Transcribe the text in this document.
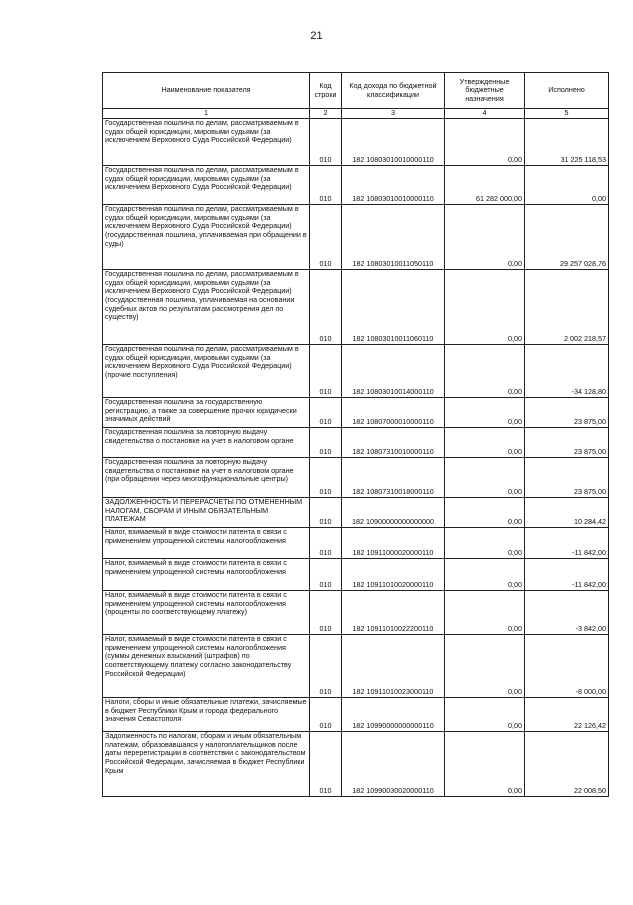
21
Наименование показателя	Код строки	Код дохода по бюджетной классификации	Утвержденные бюджетные назначения	Исполнено
1	2	3	4	5
Государственная пошлина по делам, рассматриваемым в судах общей юрисдикции, мировыми судьями (за исключением Верховного Суда Российской Федерации)	010	182 10803010010000110	0,00	31 225 118,53
Государственная пошлина по делам, рассматриваемым в судах общей юрисдикции, мировыми судьями (за исключением Верховного Суда Российской Федерации)	010	182 10803010010000110	61 282 000,00	0,00
Государственная пошлина по делам, рассматриваемым в судах общей юрисдикции, мировыми судьями (за исключением Верховного Суда Российской Федерации) (государственная пошлина, уплачиваемая при обращении в суды)	010	182 10803010011050110	0,00	29 257 028,76
Государственная пошлина по делам, рассматриваемым в судах общей юрисдикции, мировыми судьями (за исключением Верховного Суда Российской Федерации) (государственная пошлина, уплачиваемая на основании судебных актов по результатам рассмотрения дел по существу)	010	182 10803010011060110	0,00	2 002 218,57
Государственная пошлина по делам, рассматриваемым в судах общей юрисдикции, мировыми судьями (за исключением Верховного Суда Российской Федерации) (прочие поступления)	010	182 10803010014000110	0,00	-34 128,80
Государственная пошлина за государственную регистрацию, а также за совершение прочих юридически значимых действий	010	182 10807000010000110	0,00	23 875,00
Государственная пошлина за повторную выдачу свидетельства о постановке на учет в налоговом органе	010	182 10807310010000110	0,00	23 875,00
Государственная пошлина за повторную выдачу свидетельства о постановке на учет в налоговом органе (при обращении через многофункциональные центры)	010	182 10807310018000110	0,00	23 875,00
ЗАДОЛЖЕННОСТЬ И ПЕРЕРАСЧЕТЫ ПО ОТМЕНЕННЫМ НАЛОГАМ, СБОРАМ И ИНЫМ ОБЯЗАТЕЛЬНЫМ ПЛАТЕЖАМ	010	182 10900000000000000	0,00	10 284,42
Налог, взимаемый в виде стоимости патента в связи с применением упрощенной системы налогообложения	010	182 10911000020000110	0,00	-11 842,00
Налог, взимаемый в виде стоимости патента в связи с применением упрощенной системы налогообложения	010	182 10911010020000110	0,00	-11 842,00
Налог, взимаемый в виде стоимости патента в связи с применением упрощенной системы налогообложения (проценты по соответствующему платежу)	010	182 10911010022200110	0,00	-3 842,00
Налог, взимаемый в виде стоимости патента в связи с применением упрощенной системы налогообложения (суммы денежных взысканий (штрафов) по соответствующему платежу согласно законодательству Российской Федерации)	010	182 10911010023000110	0,00	-8 000,00
Налоги, сборы и иные обязательные платежи, зачисляемые в бюджет Республики Крым и города федерального значения Севастополя	010	182 10990000000000110	0,00	22 126,42
Задолженность по налогам, сборам и иным обязательным платежам, образовавшаяся у налогоплательщиков после даты перерегистрации в соответствии с законодательством Российской Федерации, зачисляемая в бюджет Республики Крым	010	182 10990030020000110	0,00	22 008,50
